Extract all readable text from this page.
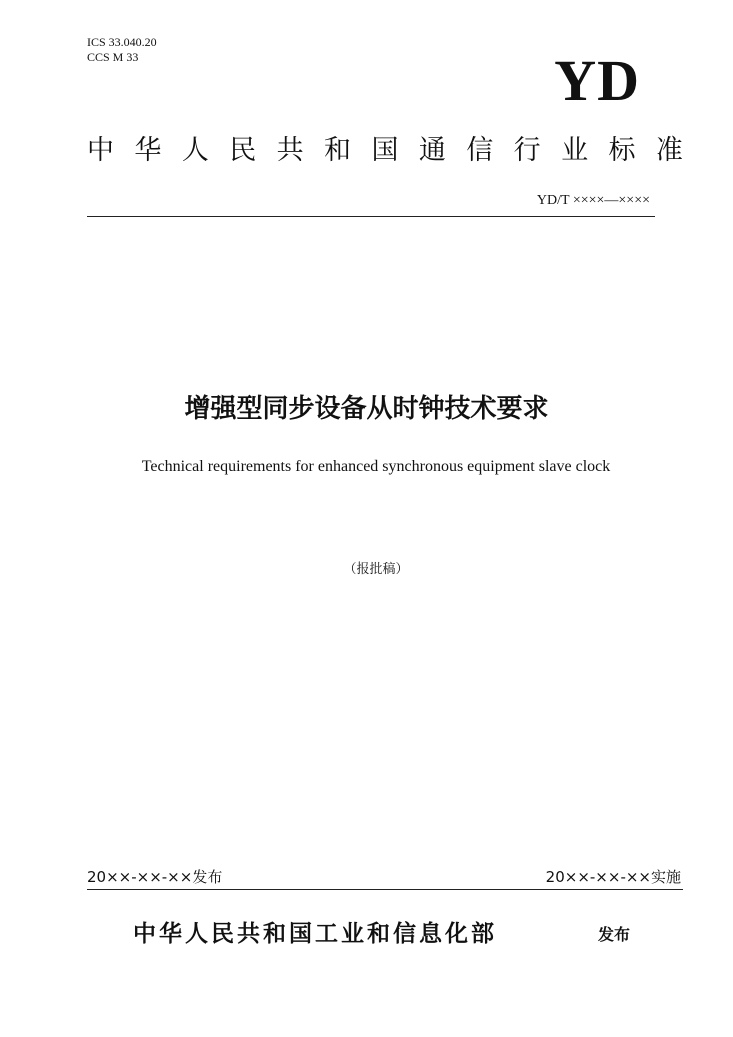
ICS 33.040.20
CCS M 33	YD
中 华 人 民 共 和 国 通 信 行 业 标 准
YD/T ××××—××××
增强型同步设备从时钟技术要求
Technical requirements for enhanced synchronous equipment slave clock
（报批稿）
20××-××-××发布	20××-××-××实施
中华人民共和国工业和信息化部	发布
